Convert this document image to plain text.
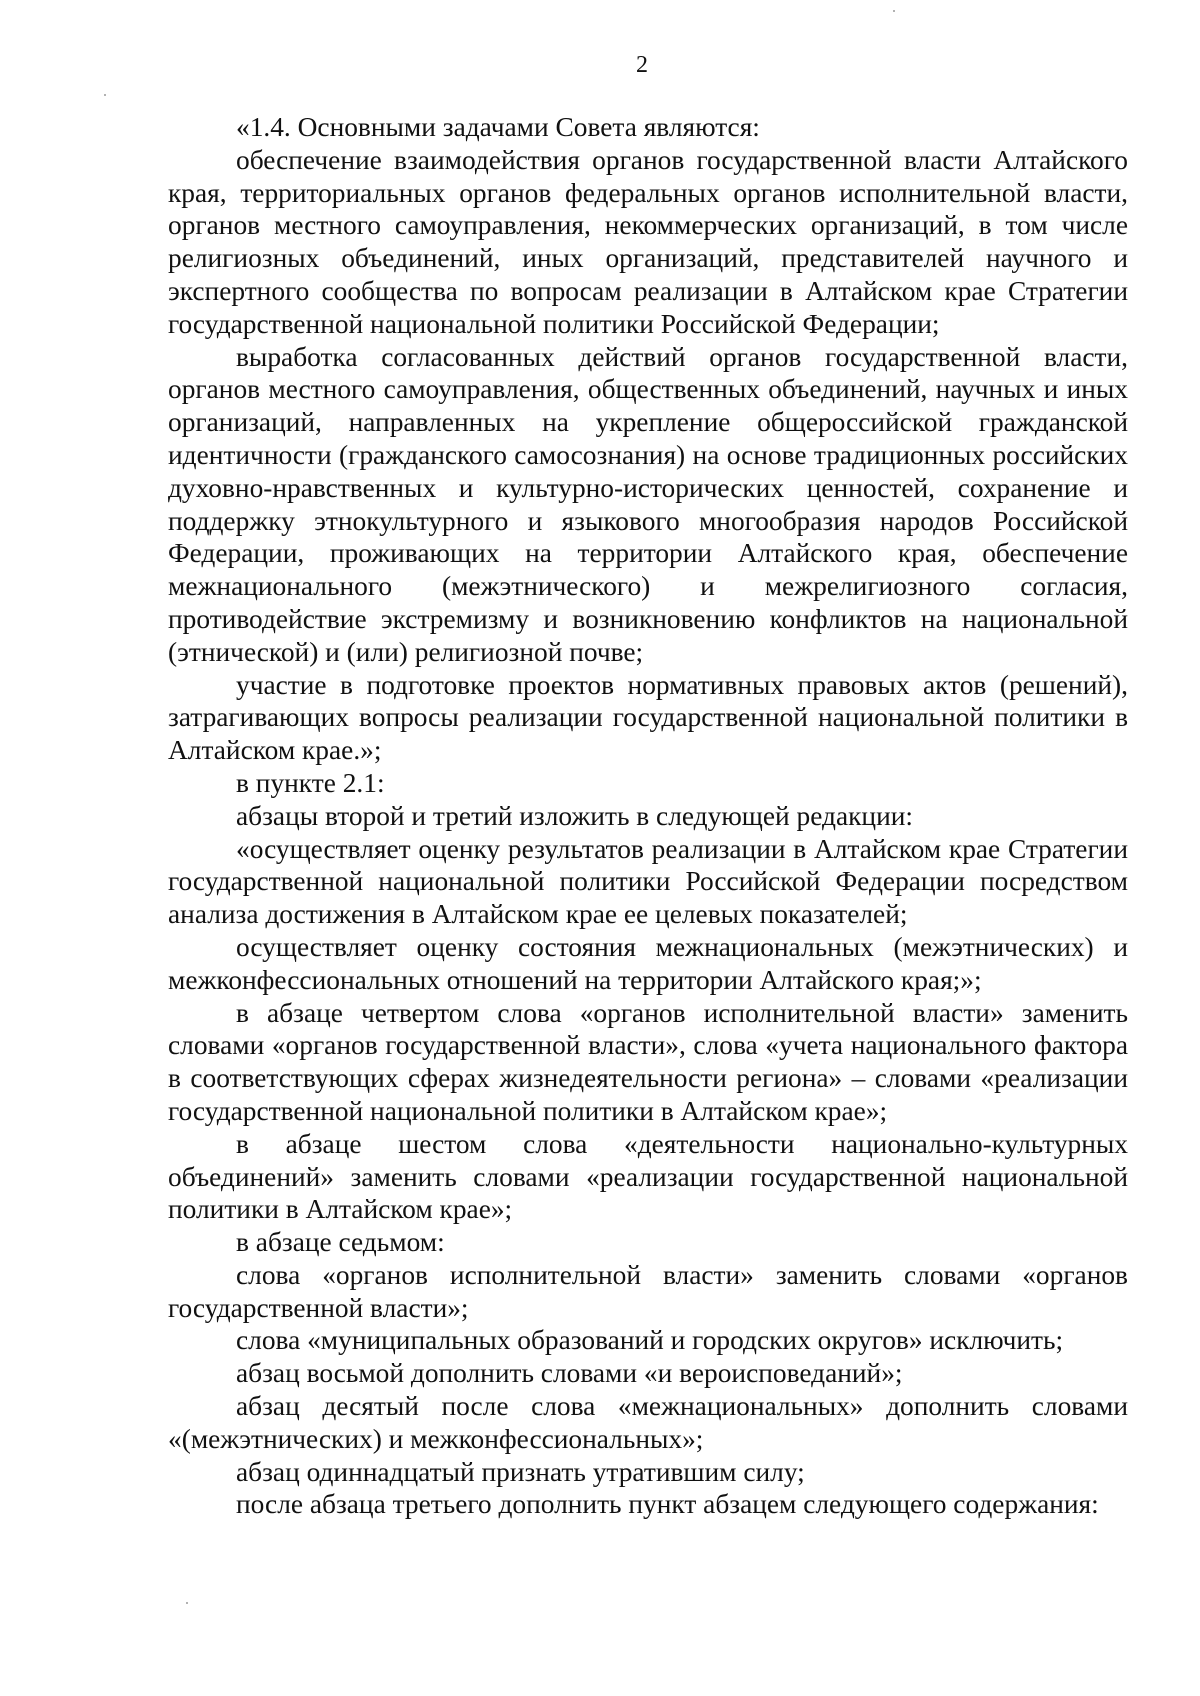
2

«1.4. Основными задачами Совета являются:

обеспечение взаимодействия органов государственной власти Алтайского края, территориальных органов федеральных органов исполнительной власти, органов местного самоуправления, некоммерческих организаций, в том числе религиозных объединений, иных организаций, представителей научного и экспертного сообщества по вопросам реализации в Алтайском крае Стратегии государственной национальной политики Российской Федерации;

выработка согласованных действий органов государственной власти, органов местного самоуправления, общественных объединений, научных и иных организаций, направленных на укрепление общероссийской гражданской идентичности (гражданского самосознания) на основе традиционных российских духовно-нравственных и культурно-исторических ценностей, сохранение и поддержку этнокультурного и языкового многообразия народов Российской Федерации, проживающих на территории Алтайского края, обеспечение межнационального (межэтнического) и межрелигиозного согласия, противодействие экстремизму и возникновению конфликтов на национальной (этнической) и (или) религиозной почве;

участие в подготовке проектов нормативных правовых актов (решений), затрагивающих вопросы реализации государственной национальной политики в Алтайском крае.»;

в пункте 2.1:

абзацы второй и третий изложить в следующей редакции:

«осуществляет оценку результатов реализации в Алтайском крае Стратегии государственной национальной политики Российской Федерации посредством анализа достижения в Алтайском крае ее целевых показателей;

осуществляет оценку состояния межнациональных (межэтнических) и межконфессиональных отношений на территории Алтайского края;»;

в абзаце четвертом слова «органов исполнительной власти» заменить словами «органов государственной власти», слова «учета национального фактора в соответствующих сферах жизнедеятельности региона» – словами «реализации государственной национальной политики в Алтайском крае»;

в абзаце шестом слова «деятельности национально-культурных объединений» заменить словами «реализации государственной национальной политики в Алтайском крае»;

в абзаце седьмом:

слова «органов исполнительной власти» заменить словами «органов государственной власти»;

слова «муниципальных образований и городских округов» исключить;

абзац восьмой дополнить словами «и вероисповеданий»;

абзац десятый после слова «межнациональных» дополнить словами «(межэтнических) и межконфессиональных»;

абзац одиннадцатый признать утратившим силу;

после абзаца третьего дополнить пункт абзацем следующего содержания:
